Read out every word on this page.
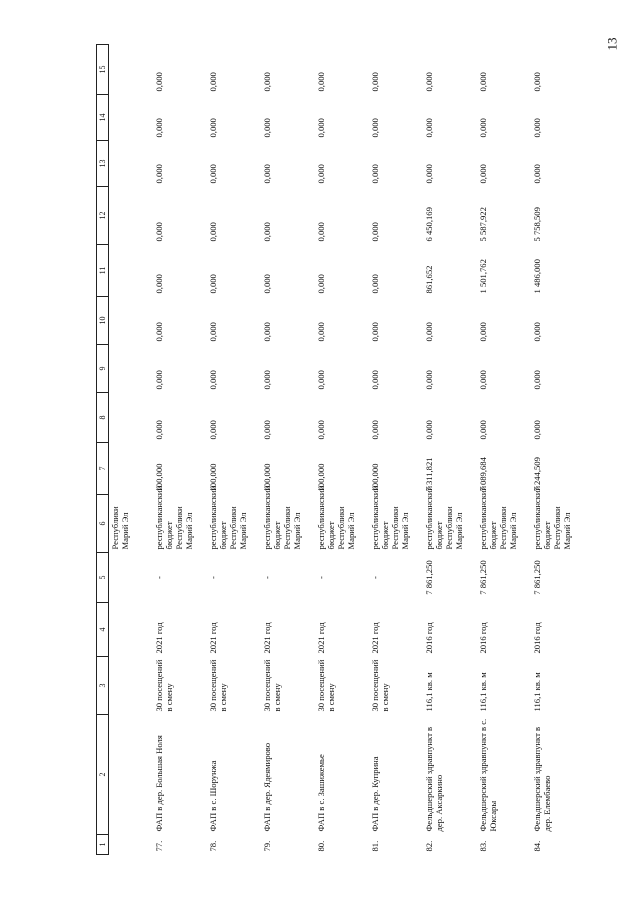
13
1	2	3	4	5	6	7	8	9	10	11	12	13	14	15
					Республики Марий Эл									
77.	ФАП в дер. Большая Ноля	30 посещений в смену	2021 год	-	республиканский бюджет Республики Марий Эл	100,000	0,000	0,000	0,000	0,000	0,000	0,000	0,000	0,000
78.	ФАП в с. Шорунжа	30 посещений в смену	2021 год	-	республиканский бюджет Республики Марий Эл	100,000	0,000	0,000	0,000	0,000	0,000	0,000	0,000	0,000
79.	ФАП в дер. Ядеямирово	30 посещений в смену	2021 год	-	республиканский бюджет Республики Марий Эл	100,000	0,000	0,000	0,000	0,000	0,000	0,000	0,000	0,000
80.	ФАП в с. Зашижемье	30 посещений в смену	2021 год	-	республиканский бюджет Республики Марий Эл	100,000	0,000	0,000	0,000	0,000	0,000	0,000	0,000	0,000
81.	ФАП в дер. Куприна	30 посещений в смену	2021 год	-	республиканский бюджет Республики Марий Эл	100,000	0,000	0,000	0,000	0,000	0,000	0,000	0,000	0,000
82.	Фельдшерский здравпункт в дер. Аксаркино	116,1 кв. м	2016 год	7 861,250	республиканский бюджет Республики Марий Эл	7 311,821	0,000	0,000	0,000	861,652	6 450,169	0,000	0,000	0,000
83.	Фельдшерский здравпункт в с. Юксары	116,1 кв. м	2016 год	7 861,250	республиканский бюджет Республики Марий Эл	7 089,684	0,000	0,000	0,000	1 501,762	5 587,922	0,000	0,000	0,000
84.	Фельдшерский здравпункт в дер. Елембаево	116,1 кв. м	2016 год	7 861,250	республиканский бюджет Республики Марий Эл	7 244,509	0,000	0,000	0,000	1 486,000	5 758,509	0,000	0,000	0,000
